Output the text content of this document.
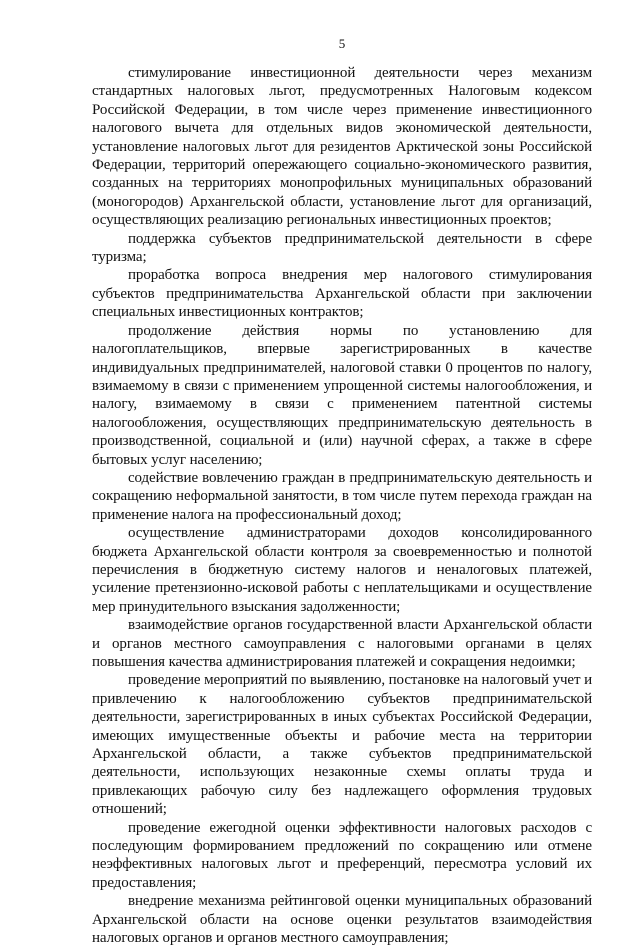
5

стимулирование инвестиционной деятельности через механизм стандартных налоговых льгот, предусмотренных Налоговым кодексом Российской Федерации, в том числе через применение инвестиционного налогового вычета для отдельных видов экономической деятельности, установление налоговых льгот для резидентов Арктической зоны Российской Федерации, территорий опережающего социально-экономического развития, созданных на территориях монопрофильных муниципальных образований (моногородов) Архангельской области, установление льгот для организаций, осуществляющих реализацию региональных инвестиционных проектов;

поддержка субъектов предпринимательской деятельности в сфере туризма;

проработка вопроса внедрения мер налогового стимулирования субъектов предпринимательства Архангельской области при заключении специальных инвестиционных контрактов;

продолжение действия нормы по установлению для налогоплательщиков, впервые зарегистрированных в качестве индивидуальных предпринимателей, налоговой ставки 0 процентов по налогу, взимаемому в связи с применением упрощенной системы налогообложения, и налогу, взимаемому в связи с применением патентной системы налогообложения, осуществляющих предпринимательскую деятельность в производственной, социальной и (или) научной сферах, а также в сфере бытовых услуг населению;

содействие вовлечению граждан в предпринимательскую деятельность и сокращению неформальной занятости, в том числе путем перехода граждан на применение налога на профессиональный доход;

осуществление администраторами доходов консолидированного бюджета Архангельской области контроля за своевременностью и полнотой перечисления в бюджетную систему налогов и неналоговых платежей, усиление претензионно-исковой работы с неплательщиками и осуществление мер принудительного взыскания задолженности;

взаимодействие органов государственной власти Архангельской области и органов местного самоуправления с налоговыми органами в целях повышения качества администрирования платежей и сокращения недоимки;

проведение мероприятий по выявлению, постановке на налоговый учет и привлечению к налогообложению субъектов предпринимательской деятельности, зарегистрированных в иных субъектах Российской Федерации, имеющих имущественные объекты и рабочие места на территории Архангельской области, а также субъектов предпринимательской деятельности, использующих незаконные схемы оплаты труда и привлекающих рабочую силу без надлежащего оформления трудовых отношений;

проведение ежегодной оценки эффективности налоговых расходов с последующим формированием предложений по сокращению или отмене неэффективных налоговых льгот и преференций, пересмотра условий их предоставления;

внедрение механизма рейтинговой оценки муниципальных образований Архангельской области на основе оценки результатов взаимодействия налоговых органов и органов местного самоуправления;
